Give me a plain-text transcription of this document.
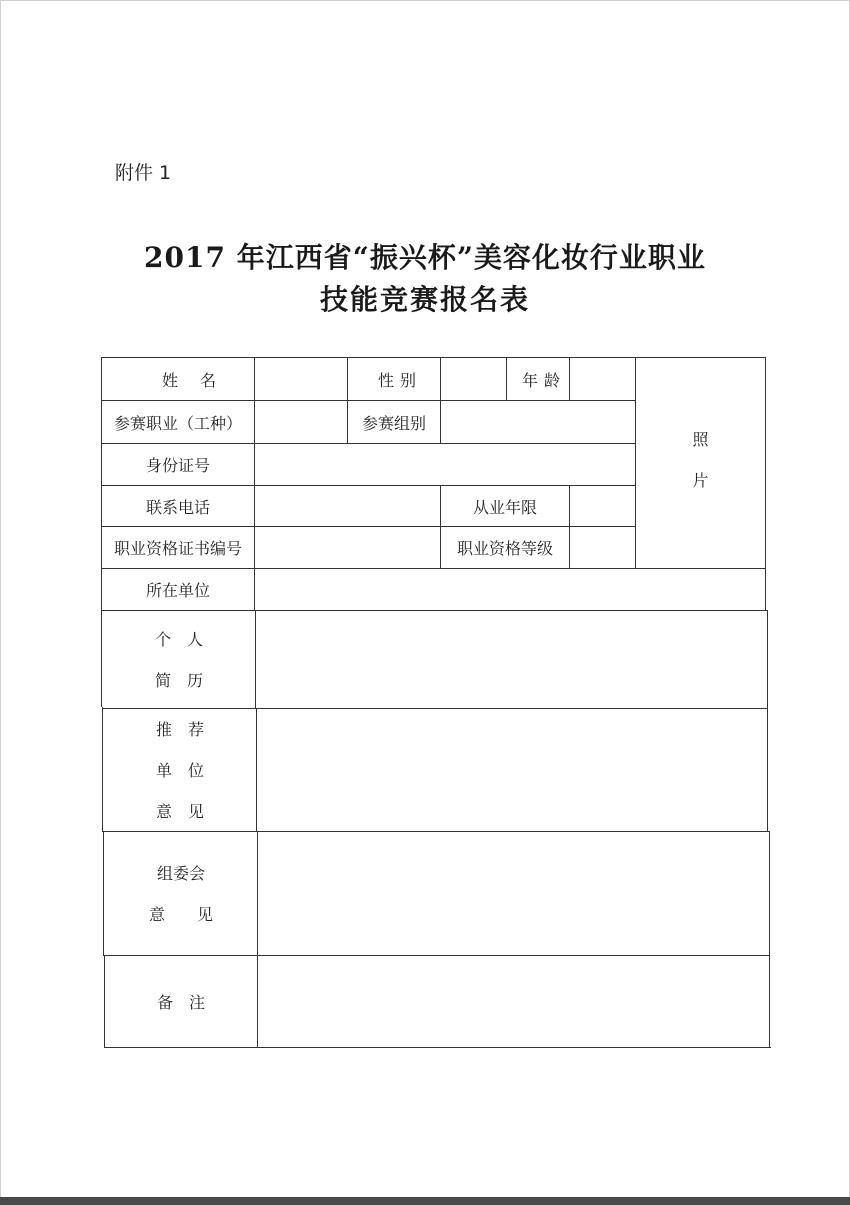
附件 1
2017 年江西省“振兴杯”美容化妆行业职业
技能竞赛报名表
姓名	性别	年龄
照
片
参赛职业（工种）	参赛组别
身份证号
联系电话	从业年限
职业资格证书编号	职业资格等级
所在单位
个　人
简　历
推　荐
单　位
意　见
组委会
意　　见
备　注
